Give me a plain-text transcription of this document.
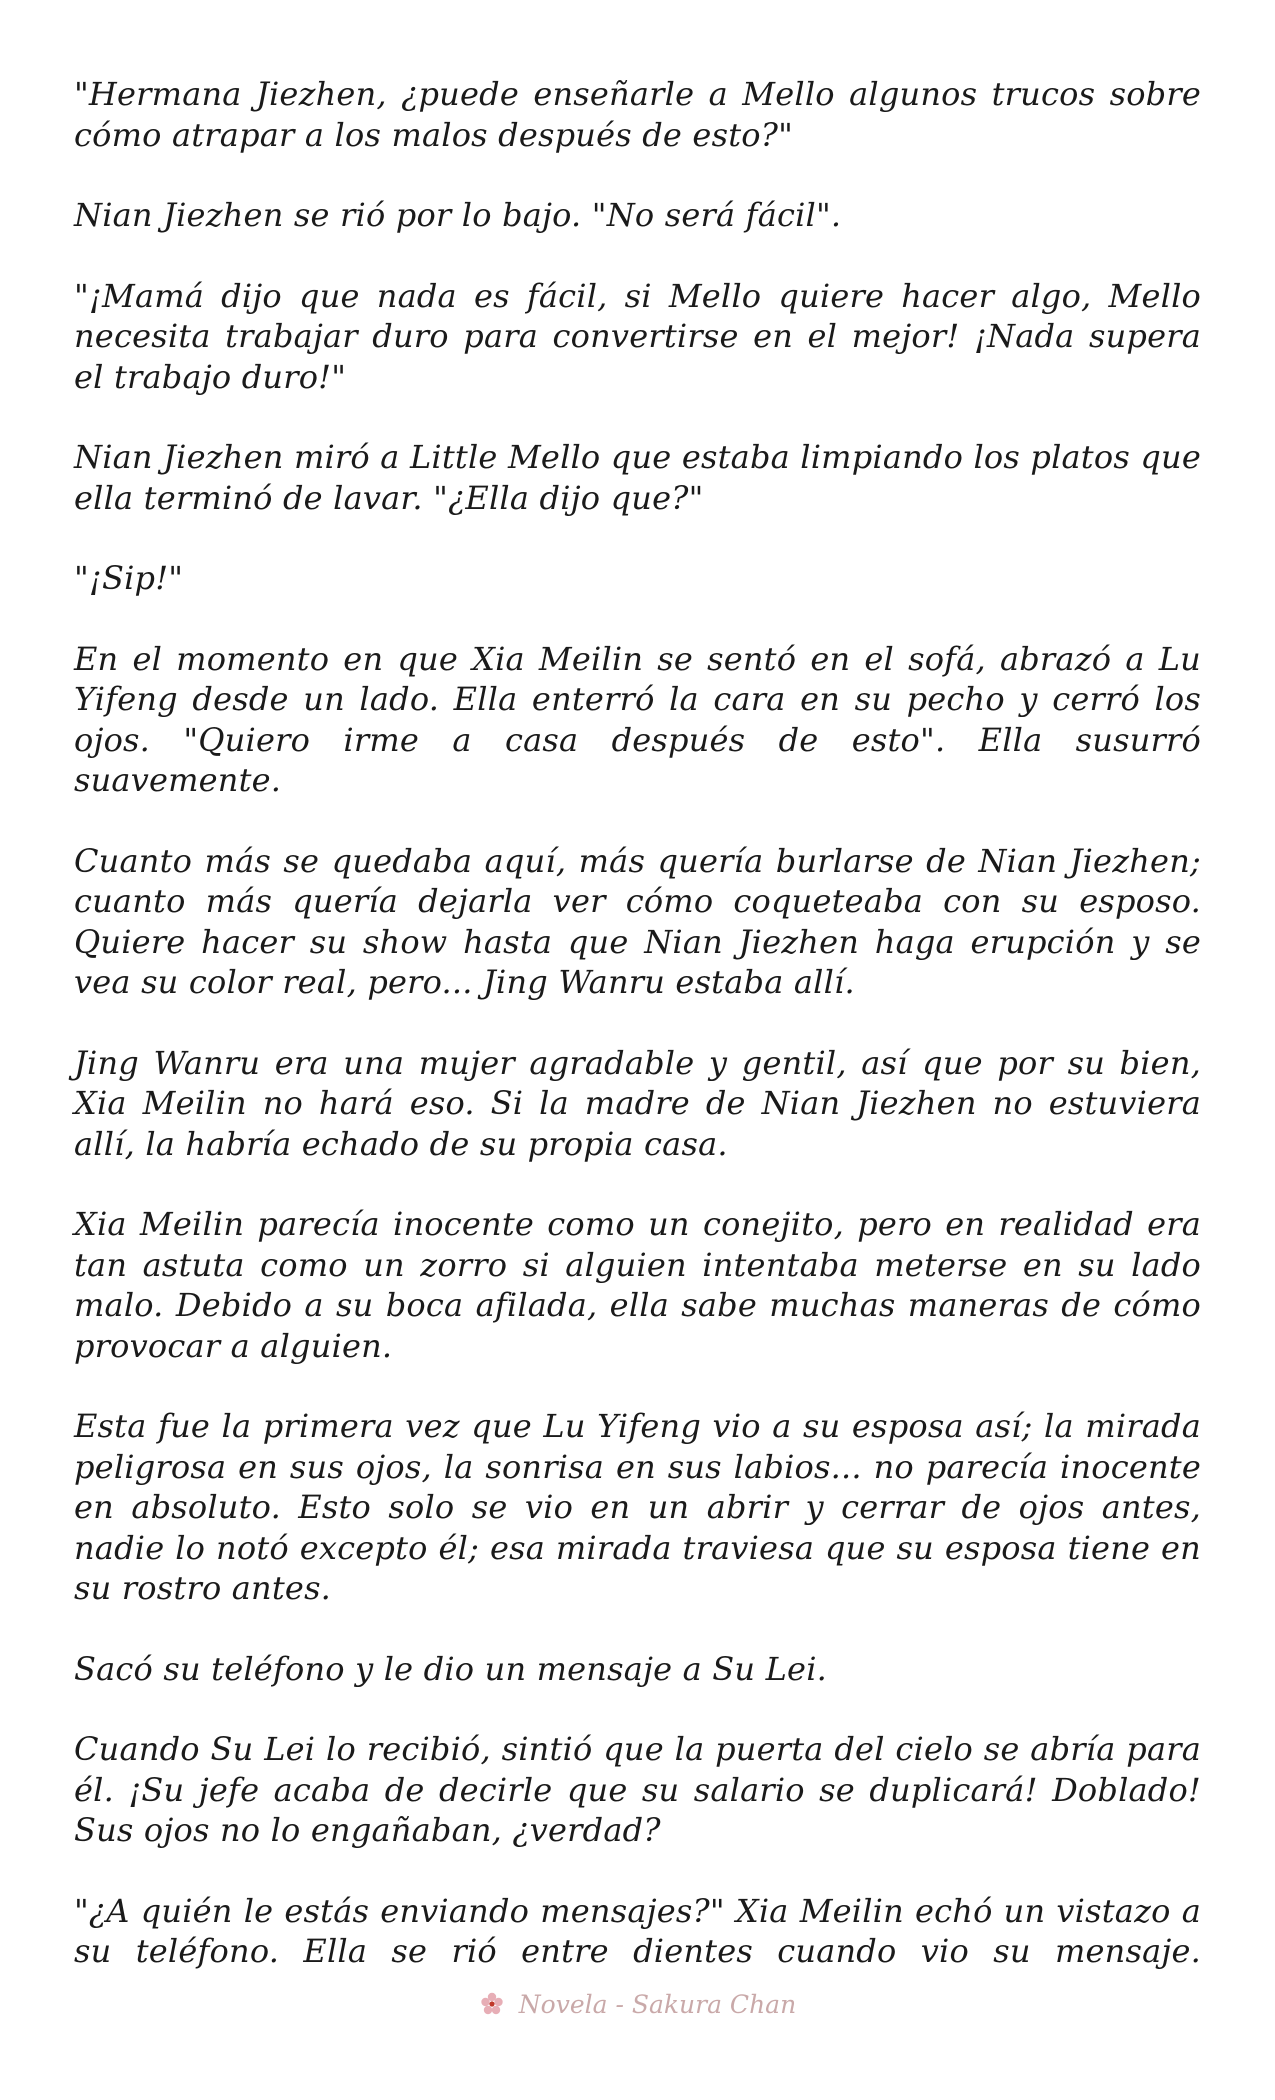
"Hermana Jiezhen, ¿puede enseñarle a Mello algunos trucos sobre cómo atrapar a los malos después de esto?"

Nian Jiezhen se rió por lo bajo. "No será fácil".

"¡Mamá dijo que nada es fácil, si Mello quiere hacer algo, Mello necesita trabajar duro para convertirse en el mejor! ¡Nada supera el trabajo duro!"

Nian Jiezhen miró a Little Mello que estaba limpiando los platos que ella terminó de lavar. "¿Ella dijo que?"

"¡Sip!"

En el momento en que Xia Meilin se sentó en el sofá, abrazó a Lu Yifeng desde un lado. Ella enterró la cara en su pecho y cerró los ojos. "Quiero irme a casa después de esto". Ella susurró suavemente.

Cuanto más se quedaba aquí, más quería burlarse de Nian Jiezhen; cuanto más quería dejarla ver cómo coqueteaba con su esposo. Quiere hacer su show hasta que Nian Jiezhen haga erupción y se vea su color real, pero... Jing Wanru estaba allí.

Jing Wanru era una mujer agradable y gentil, así que por su bien, Xia Meilin no hará eso. Si la madre de Nian Jiezhen no estuviera allí, la habría echado de su propia casa.

Xia Meilin parecía inocente como un conejito, pero en realidad era tan astuta como un zorro si alguien intentaba meterse en su lado malo. Debido a su boca afilada, ella sabe muchas maneras de cómo provocar a alguien.

Esta fue la primera vez que Lu Yifeng vio a su esposa así; la mirada peligrosa en sus ojos, la sonrisa en sus labios... no parecía inocente en absoluto. Esto solo se vio en un abrir y cerrar de ojos antes, nadie lo notó excepto él; esa mirada traviesa que su esposa tiene en su rostro antes.

Sacó su teléfono y le dio un mensaje a Su Lei.

Cuando Su Lei lo recibió, sintió que la puerta del cielo se abría para él. ¡Su jefe acaba de decirle que su salario se duplicará! Doblado! Sus ojos no lo engañaban, ¿verdad?

"¿A quién le estás enviando mensajes?" Xia Meilin echó un vistazo a su teléfono. Ella se rió entre dientes cuando vio su mensaje.

Novela - Sakura Chan
